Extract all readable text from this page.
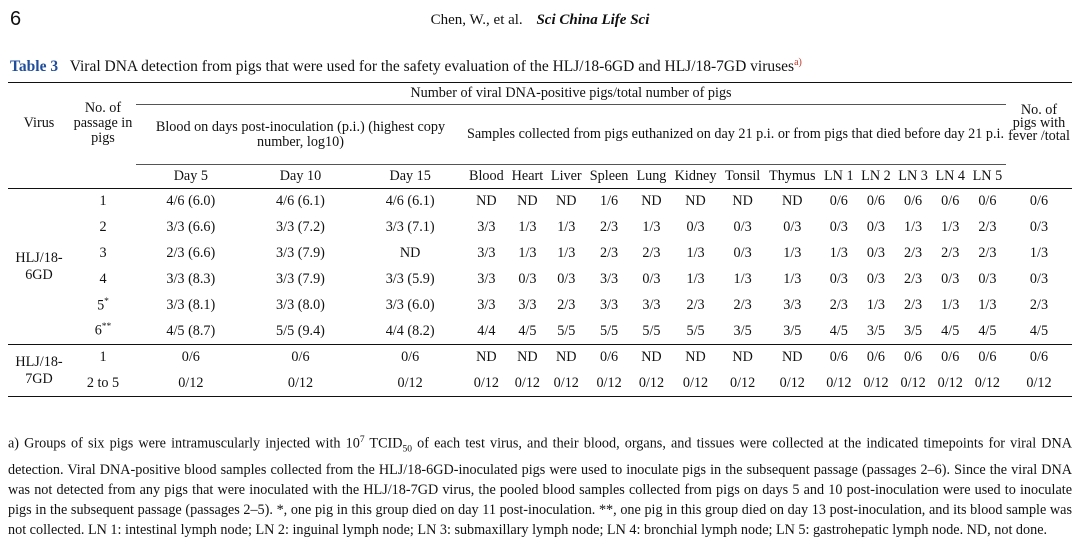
6	Chen, W., et al. Sci China Life Sci
Table 3 Viral DNA detection from pigs that were used for the safety evaluation of the HLJ/18-6GD and HLJ/18-7GD viruses$^{a)}$
Virus	No. of passage in pigs	Number of viral DNA-positive pigs/total number of pigs																No. of pigs with fever /total
		Blood on days post-inoculation (p.i.) (highest copy number, log10)			Samples collected from pigs euthanized on day 21 p.i. or from pigs that died before day 21 p.i.													
		Day 5	Day 10	Day 15	Blood	Heart	Liver	Spleen	Lung	Kidney	Tonsil	Thymus	LN 1	LN 2	LN 3	LN 4	LN 5	
HLJ/18-6GD	1	4/6 (6.0)	4/6 (6.1)	4/6 (6.1)	ND	ND	ND	1/6	ND	ND	ND	ND	0/6	0/6	0/6	0/6	0/6	0/6
	2	3/3 (6.6)	3/3 (7.2)	3/3 (7.1)	3/3	1/3	1/3	2/3	1/3	0/3	0/3	0/3	0/3	0/3	1/3	1/3	2/3	0/3
	3	2/3 (6.6)	3/3 (7.9)	ND	3/3	1/3	1/3	2/3	2/3	1/3	0/3	1/3	1/3	0/3	2/3	2/3	2/3	1/3
	4	3/3 (8.3)	3/3 (7.9)	3/3 (5.9)	3/3	0/3	0/3	3/3	0/3	1/3	1/3	1/3	0/3	0/3	2/3	0/3	0/3	0/3
	5*	3/3 (8.1)	3/3 (8.0)	3/3 (6.0)	3/3	3/3	2/3	3/3	3/3	2/3	2/3	3/3	2/3	1/3	2/3	1/3	1/3	2/3
	6**	4/5 (8.7)	5/5 (9.4)	4/4 (8.2)	4/4	4/5	5/5	5/5	5/5	5/5	3/5	3/5	4/5	3/5	3/5	4/5	4/5	4/5
HLJ/18-7GD	1	0/6	0/6	0/6	ND	ND	ND	0/6	ND	ND	ND	ND	0/6	0/6	0/6	0/6	0/6	0/6
	2 to 5	0/12	0/12	0/12	0/12	0/12	0/12	0/12	0/12	0/12	0/12	0/12	0/12	0/12	0/12	0/12	0/12	0/12
a) Groups of six pigs were intramuscularly injected with $10^7$ $TCID_{50}$ of each test virus, and their blood, organs, and tissues were collected at the indicated timepoints for viral DNA detection. Viral DNA-positive blood samples collected from the HLJ/18-6GD-inoculated pigs were used to inoculate pigs in the subsequent passage (passages 2–6). Since the viral DNA was not detected from any pigs that were inoculated with the HLJ/18-7GD virus, the pooled blood samples collected from pigs on days 5 and 10 post-inoculation were used to inoculate pigs in the subsequent passage (passages 2–5). *, one pig in this group died on day 11 post-inoculation. **, one pig in this group died on day 13 post-inoculation, and its blood sample was not collected. LN 1: intestinal lymph node; LN 2: inguinal lymph node; LN 3: submaxillary lymph node; LN 4: bronchial lymph node; LN 5: gastrohepatic lymph node. ND, not done.
